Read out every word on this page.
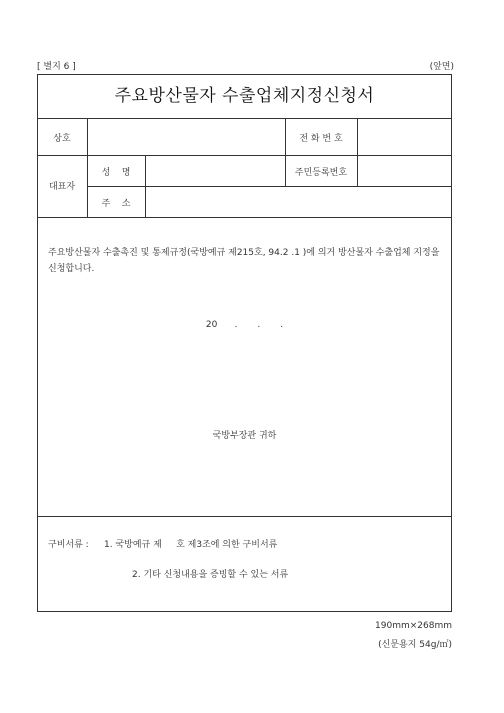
[ 별지 6 ]	(앞면)
주요방산물자 수출업체지정신청서
상호	전 화 번 호
대표자
성    명	주민등록번호
주    소
주요방산물자 수출촉진 및 통제규정(국방예규 제215호, 94.2 .1 )에 의거 방산물자 수출업체 지정을 신청합니다.
20      .       .       .
국방부장관 귀하
구비서류 : 1. 국방예규 제     호 제3조에 의한 구비서류
2. 기타 신청내용을 증빙할 수 있는 서류
190mm×268mm
(신문용지 54g/㎡)
